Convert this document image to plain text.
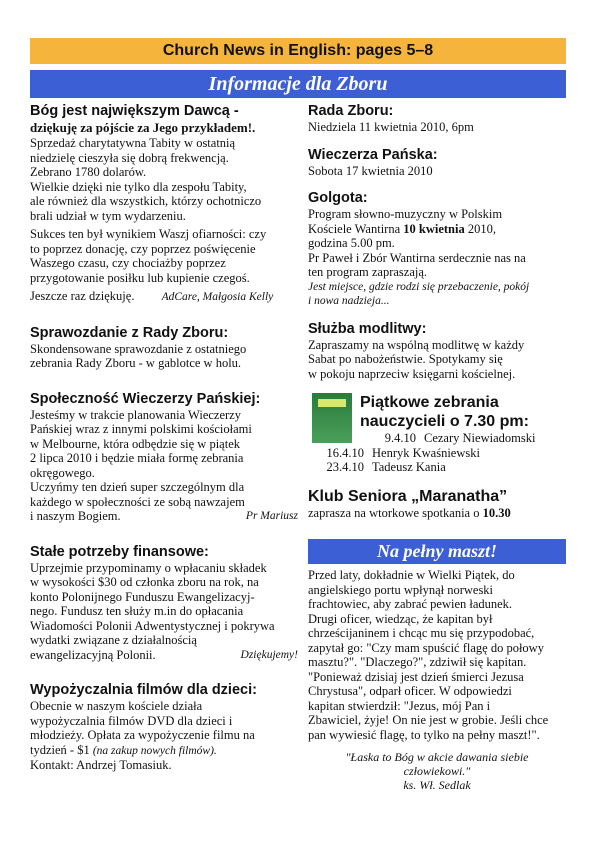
Church News in English: pages 5–8
Informacje dla Zboru
Bóg jest największym Dawcą -
dziękuję za pójście za Jego przykładem!.
Sprzedaż charytatywna Tabity w ostatnią
niedzielę cieszyła się dobrą frekwencją.
Zebrano 1780 dolarów.
Wielkie dzięki nie tylko dla zespołu Tabity,
ale również dla wszystkich, którzy ochotniczo
brali udział w tym wydarzeniu.
Sukces ten był wynikiem Waszj ofiarności: czy
to poprzez donację, czy poprzez poświęcenie
Waszego czasu, czy chociażby poprzez
przygotowanie posiłku lub kupienie czegoś.
Jeszcze raz dziękuję. AdCare, Małgosia Kelly
Sprawozdanie z Rady Zboru:
Skondensowane sprawozdanie z ostatniego
zebrania Rady Zboru - w gablotce w holu.
Społeczność Wieczerzy Pańskiej:
Jesteśmy w trakcie planowania Wieczerzy
Pańskiej wraz z innymi polskimi kościołami
w Melbourne, która odbędzie się w piątek
2 lipca 2010 i będzie miała formę zebrania
okręgowego.
Uczyńmy ten dzień super szczególnym dla
każdego w społeczności ze sobą nawzajem
i naszym Bogiem.	Pr Mariusz
Stałe potrzeby finansowe:
Uprzejmie przypominamy o wpłacaniu składek
w wysokości $30 od członka zboru na rok, na
konto Polonijnego Funduszu Ewangelizacyj-
nego. Fundusz ten służy m.in do opłacania
Wiadomości Polonii Adwentystycznej i pokrywa
wydatki związane z działalnością
ewangelizacyjną Polonii.	Dziękujemy!
Wypożyczalnia filmów dla dzieci:
Obecnie w naszym kościele działa
wypożyczalnia filmów DVD dla dzieci i
młodzieży. Opłata za wypożyczenie filmu na
tydzień - $1 (na zakup nowych filmów).
Kontakt: Andrzej Tomasiuk.
Rada Zboru:
Niedziela 11 kwietnia 2010, 6pm
Wieczerza Pańska:
Sobota 17 kwietnia 2010
Golgota:
Program słowno-muzyczny w Polskim
Kościele Wantirna 10 kwietnia 2010,
godzina 5.00 pm.
Pr Paweł i Zbór Wantirna serdecznie nas na
ten program zapraszają.
Jest miejsce, gdzie rodzi się przebaczenie, pokój
i nowa nadzieja...
Służba modlitwy:
Zapraszamy na wspólną modlitwę w każdy
Sabat po nabożeństwie. Spotykamy się
w pokoju naprzeciw księgarni kościelnej.
Piątkowe zebrania
nauczycieli o 7.30 pm:
9.4.10 Cezary Niewiadomski
16.4.10 Henryk Kwaśniewski
23.4.10 Tadeusz Kania
Klub Seniora „Maranatha”
zaprasza na wtorkowe spotkania o 10.30
Na pełny maszt!
Przed laty, dokładnie w Wielki Piątek, do
angielskiego portu wpłynął norweski
frachtowiec, aby zabrać pewien ładunek.
Drugi oficer, wiedząc, że kapitan był
chrześcijaninem i chcąc mu się przypodobać,
zapytał go: "Czy mam spuścić flagę do połowy
masztu?". "Dlaczego?", zdziwił się kapitan.
"Ponieważ dzisiaj jest dzień śmierci Jezusa
Chrystusa", odparł oficer. W odpowiedzi
kapitan stwierdził: "Jezus, mój Pan i
Zbawiciel, żyje! On nie jest w grobie. Jeśli chce
pan wywiesić flagę, to tylko na pełny maszt!".
"Łaska to Bóg w akcie dawania siebie
człowiekowi."
ks. Wł. Sedlak
